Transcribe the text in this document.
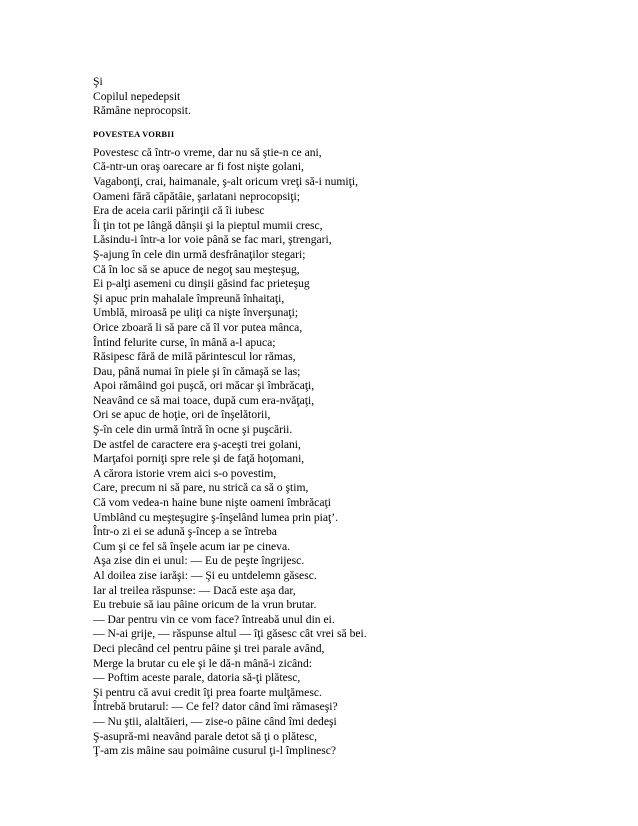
Şi
Copilul nepedepsit
Rămâne neprocopsit.
POVESTEA VORBII
Povestesc că într-o vreme, dar nu să ştie-n ce ani,
Că-ntr-un oraş oarecare ar fi fost nişte golani,
Vagabonţi, crai, haimanale, ş-alt oricum vreţi să-i numiţi,
Oameni fără căpătâie, şarlatani neprocopsiţi;
Era de aceia carii părinţii că îi iubesc
Îi ţin tot pe lângă dânşii şi la pieptul mumii cresc,
Lăsindu-i într-a lor voie până se fac mari, ştrengari,
Ş-ajung în cele din urmă desfrânaţilor stegari;
Că în loc să se apuce de negoţ sau meşteşug,
Ei p-alţi asemeni cu dinşii găsind fac prieteşug
Şi apuc prin mahalale împreună înhaitaţi,
Umblă, miroasă pe uliţi ca nişte înverşunaţi;
Orice zboară li să pare că îl vor putea mânca,
Întind felurite curse, în mână a-l apuca;
Răsipesc fără de milă părintescul lor rămas,
Dau, până numai în piele şi în cămaşă se las;
Apoi rămâind goi puşcă, ori măcar şi îmbrăcaţi,
Neavând ce să mai toace, după cum era-nvăţaţi,
Ori se apuc de hoţie, ori de înşelătorii,
Ş-în cele din urmă întră în ocne şi puşcării.
De astfel de caractere era ş-aceşti trei golani,
Marţafoi porniţi spre rele şi de faţă hoţomani,
A cărora istorie vrem aici s-o povestim,
Care, precum ni să pare, nu strică ca să o ştim,
Că vom vedea-n haine bune nişte oameni îmbrăcaţi
Umblând cu meşteşugire ş-înşelând lumea prin piaţ’.
Într-o zi ei se adună ş-încep a se întreba
Cum şi ce fel să înşele acum iar pe cineva.
Aşa zise din ei unul: — Eu de peşte îngrijesc.
Al doilea zise iarăşi: — Şi eu untdelemn găsesc.
Iar al treilea răspunse: — Dacă este aşa dar,
Eu trebuie să iau pâine oricum de la vrun brutar.
— Dar pentru vin ce vom face? întreabă unul din ei.
— N-ai grije, — răspunse altul — îţi găsesc cât vrei să bei.
Deci plecând cel pentru pâine şi trei parale având,
Merge la brutar cu ele şi le dă-n mână-i zicând:
— Poftim aceste parale, datoria să-ţi plătesc,
Şi pentru că avui credit îţi prea foarte mulţămesc.
Întrebă brutarul: — Ce fel? dator când îmi rămaseşi?
— Nu ştii, alaltăieri, — zise-o pâine când îmi dedeşi
Ş-asupră-mi neavând parale detot să ţi o plătesc,
Ţ-am zis mâine sau poimâine cusurul ţi-l împlinesc?
